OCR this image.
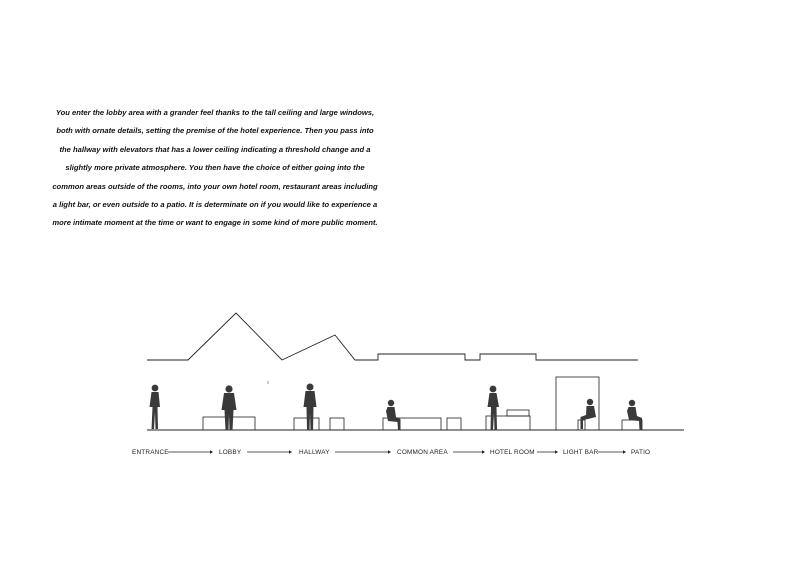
You enter the lobby area with a grander feel thanks to the tall ceiling and large windows, both with ornate details, setting the premise of the hotel experience. Then you pass into the hallway with elevators that has a lower ceiling indicating a threshold change and a slightly more private atmosphere. You then have the choice of either going into the common areas outside of the rooms, into your own hotel room, restaurant areas including a light bar, or even outside to a patio. It is determinate on if you would like to experience a more intimate moment at the time or want to engage in some kind of more public moment.

ENTRANCE	LOBBY	HALLWAY	COMMON AREA	HOTEL ROOM	LIGHT BAR	PATIO
